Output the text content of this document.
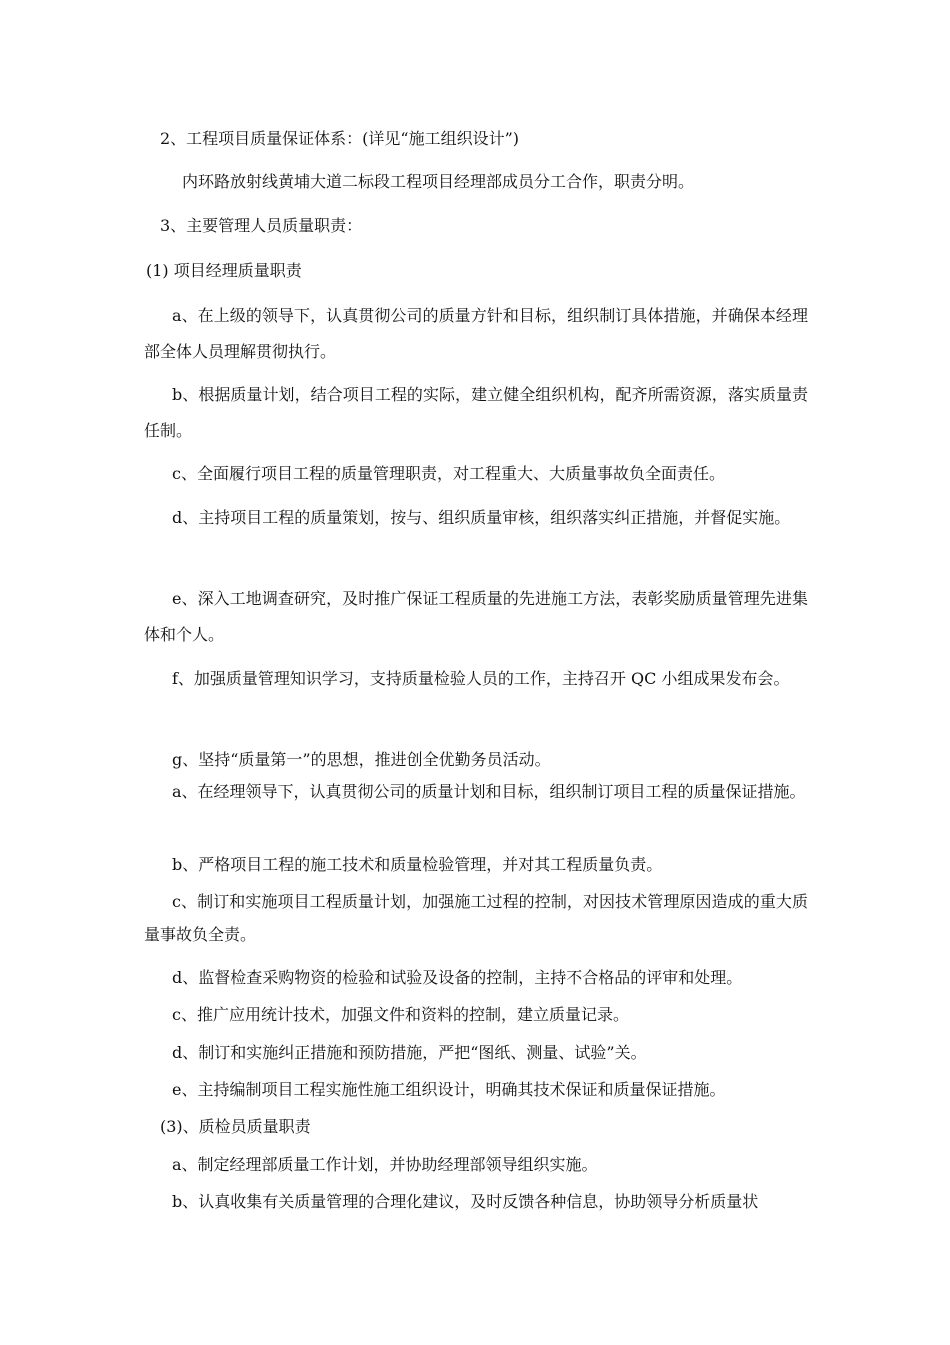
2、工程项目质量保证体系：(详见“施工组织设计”)

内环路放射线黄埔大道二标段工程项目经理部成员分工合作，职责分明。

3、主要管理人员质量职责：

(1) 项目经理质量职责

a、在上级的领导下，认真贯彻公司的质量方针和目标，组织制订具体措施，并确保本经理部全体人员理解贯彻执行。

b、根据质量计划，结合项目工程的实际，建立健全组织机构，配齐所需资源，落实质量责任制。

c、全面履行项目工程的质量管理职责，对工程重大、大质量事故负全面责任。

d、主持项目工程的质量策划，按与、组织质量审核，组织落实纠正措施，并督促实施。

e、深入工地调查研究，及时推广保证工程质量的先进施工方法，表彰奖励质量管理先进集体和个人。

f、加强质量管理知识学习，支持质量检验人员的工作，主持召开 QC 小组成果发布会。

g、坚持“质量第一”的思想，推进创全优勤务员活动。

a、在经理领导下，认真贯彻公司的质量计划和目标，组织制订项目工程的质量保证措施。

b、严格项目工程的施工技术和质量检验管理，并对其工程质量负责。

c、制订和实施项目工程质量计划，加强施工过程的控制，对因技术管理原因造成的重大质量事故负全责。

d、监督检查采购物资的检验和试验及设备的控制，主持不合格品的评审和处理。

c、推广应用统计技术，加强文件和资料的控制，建立质量记录。

d、制订和实施纠正措施和预防措施，严把“图纸、测量、试验”关。

e、主持编制项目工程实施性施工组织设计，明确其技术保证和质量保证措施。

(3)、质检员质量职责

a、制定经理部质量工作计划，并协助经理部领导组织实施。

b、认真收集有关质量管理的合理化建议，及时反馈各种信息，协助领导分析质量状
